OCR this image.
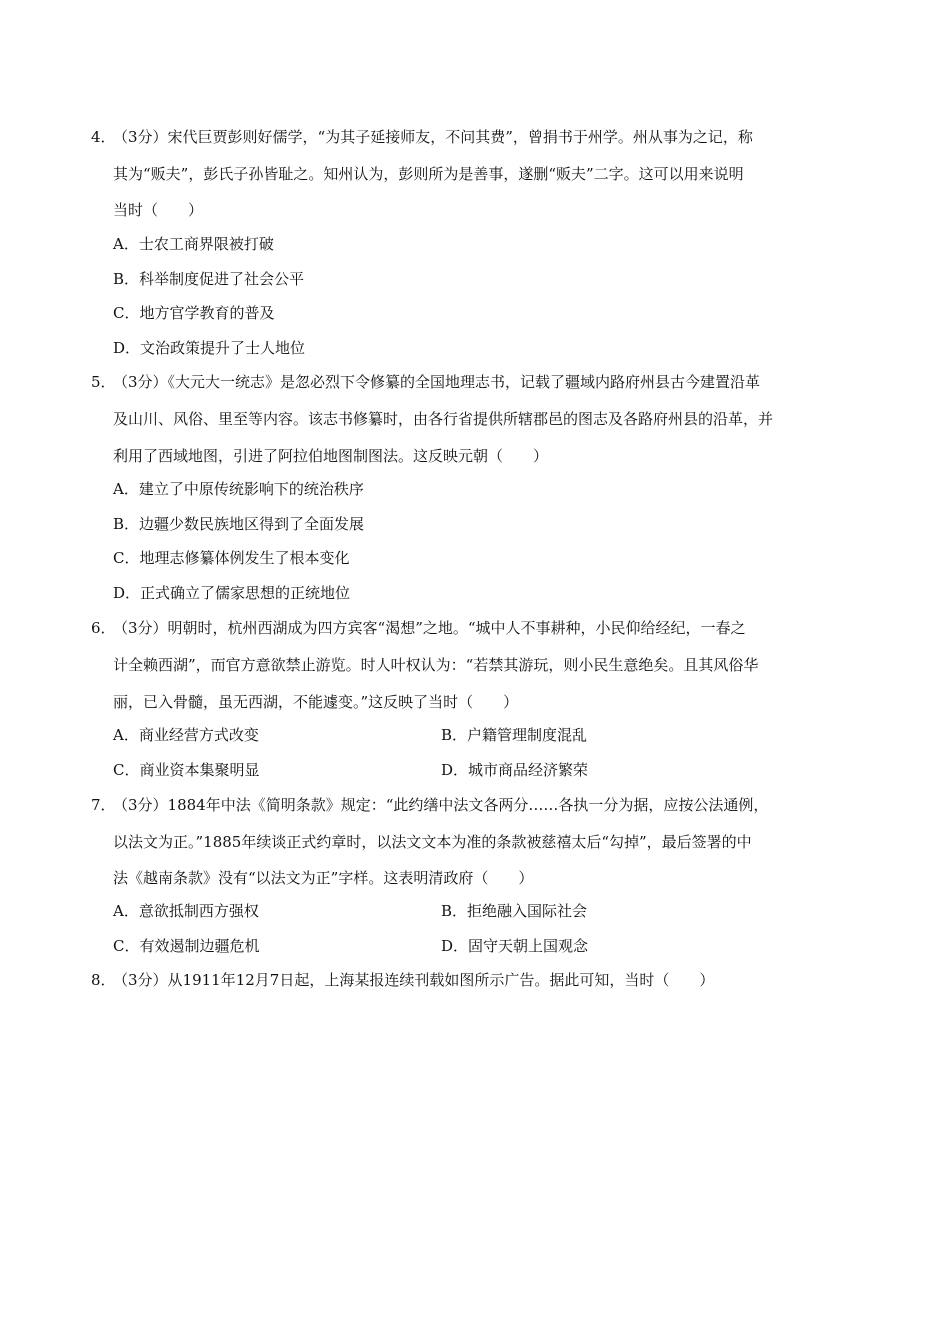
4．（3分）宋代巨贾彭则好儒学，“为其子延接师友，不问其费”，曾捐书于州学。州从事为之记，称
其为“贩夫”，彭氏子孙皆耻之。知州认为，彭则所为是善事，遂删“贩夫”二字。这可以用来说明
当时（　　）
A．士农工商界限被打破
B．科举制度促进了社会公平
C．地方官学教育的普及
D．文治政策提升了士人地位
5．（3分）《大元大一统志》是忽必烈下令修纂的全国地理志书，记载了疆域内路府州县古今建置沿革
及山川、风俗、里至等内容。该志书修纂时，由各行省提供所辖郡邑的图志及各路府州县的沿革，并
利用了西域地图，引进了阿拉伯地图制图法。这反映元朝（　　）
A．建立了中原传统影响下的统治秩序
B．边疆少数民族地区得到了全面发展
C．地理志修纂体例发生了根本变化
D．正式确立了儒家思想的正统地位
6．（3分）明朝时，杭州西湖成为四方宾客“渴想”之地。“城中人不事耕种，小民仰给经纪，一春之
计全赖西湖”，而官方意欲禁止游览。时人叶权认为：“若禁其游玩，则小民生意绝矣。且其风俗华
丽，已入骨髓，虽无西湖，不能遽变。”这反映了当时（　　）
A．商业经营方式改变	B．户籍管理制度混乱
C．商业资本集聚明显	D．城市商品经济繁荣
7．（3分）1884年中法《简明条款》规定：“此约缮中法文各两分……各执一分为据，应按公法通例，
以法文为正。”1885年续谈正式约章时，以法文文本为准的条款被慈禧太后“勾掉”，最后签署的中
法《越南条款》没有“以法文为正”字样。这表明清政府（　　）
A．意欲抵制西方强权	B．拒绝融入国际社会
C．有效遏制边疆危机	D．固守天朝上国观念
8．（3分）从1911年12月7日起，上海某报连续刊载如图所示广告。据此可知，当时（　　）
